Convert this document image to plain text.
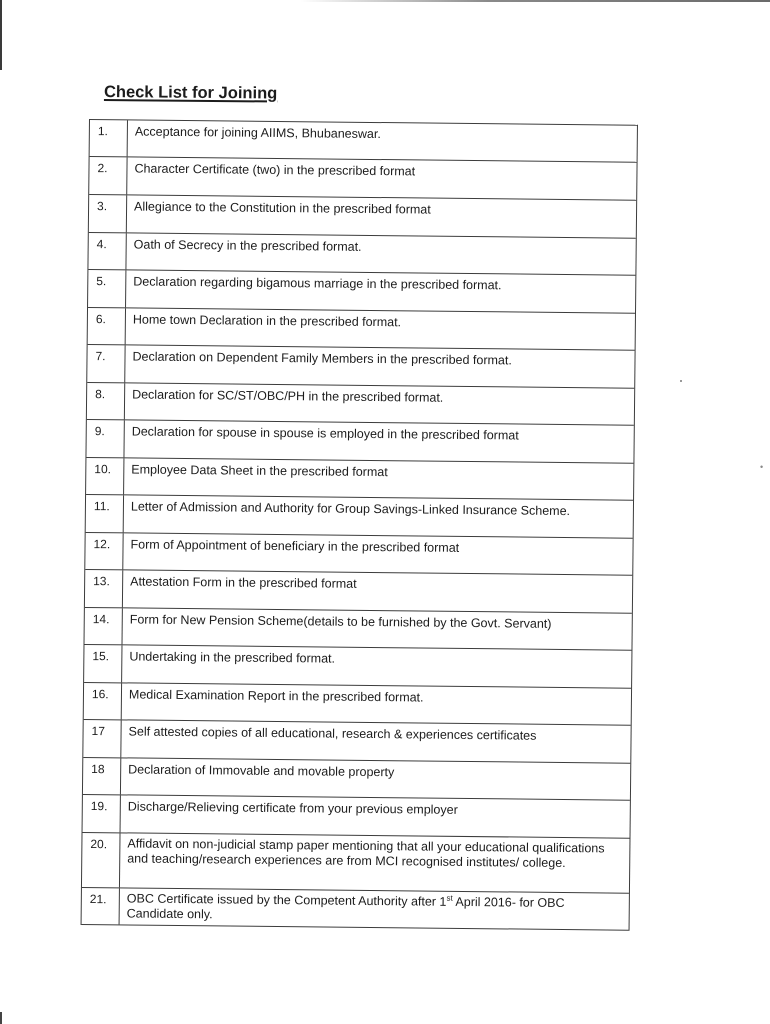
•
Check List for Joining
1.	Acceptance for joining AIIMS, Bhubaneswar.
2.	Character Certificate (two) in the prescribed format
3.	Allegiance to the Constitution in the prescribed format
4.	Oath of Secrecy in the prescribed format.
5.	Declaration regarding bigamous marriage in the prescribed format.
6.	Home town Declaration in the prescribed format.
7.	Declaration on Dependent Family Members in the prescribed format.
8.	Declaration for SC/ST/OBC/PH in the prescribed format.
9.	Declaration for spouse in spouse is employed in the prescribed format
10.	Employee Data Sheet in the prescribed format
11.	Letter of Admission and Authority for Group Savings-Linked Insurance Scheme.
12.	Form of Appointment of beneficiary in the prescribed format
13.	Attestation Form in the prescribed format
14.	Form for New Pension Scheme(details to be furnished by the Govt. Servant)
15.	Undertaking in the prescribed format.
16.	Medical Examination Report in the prescribed format.
17	Self attested copies of all educational, research & experiences certificates
18	Declaration of Immovable and movable property
19.	Discharge/Relieving certificate from your previous employer
20.	Affidavit on non-judicial stamp paper mentioning that all your educational qualifications and teaching/research experiences are from MCI recognised institutes/ college.
21.	OBC Certificate issued by the Competent Authority after 1st April 2016- for OBC Candidate only.
